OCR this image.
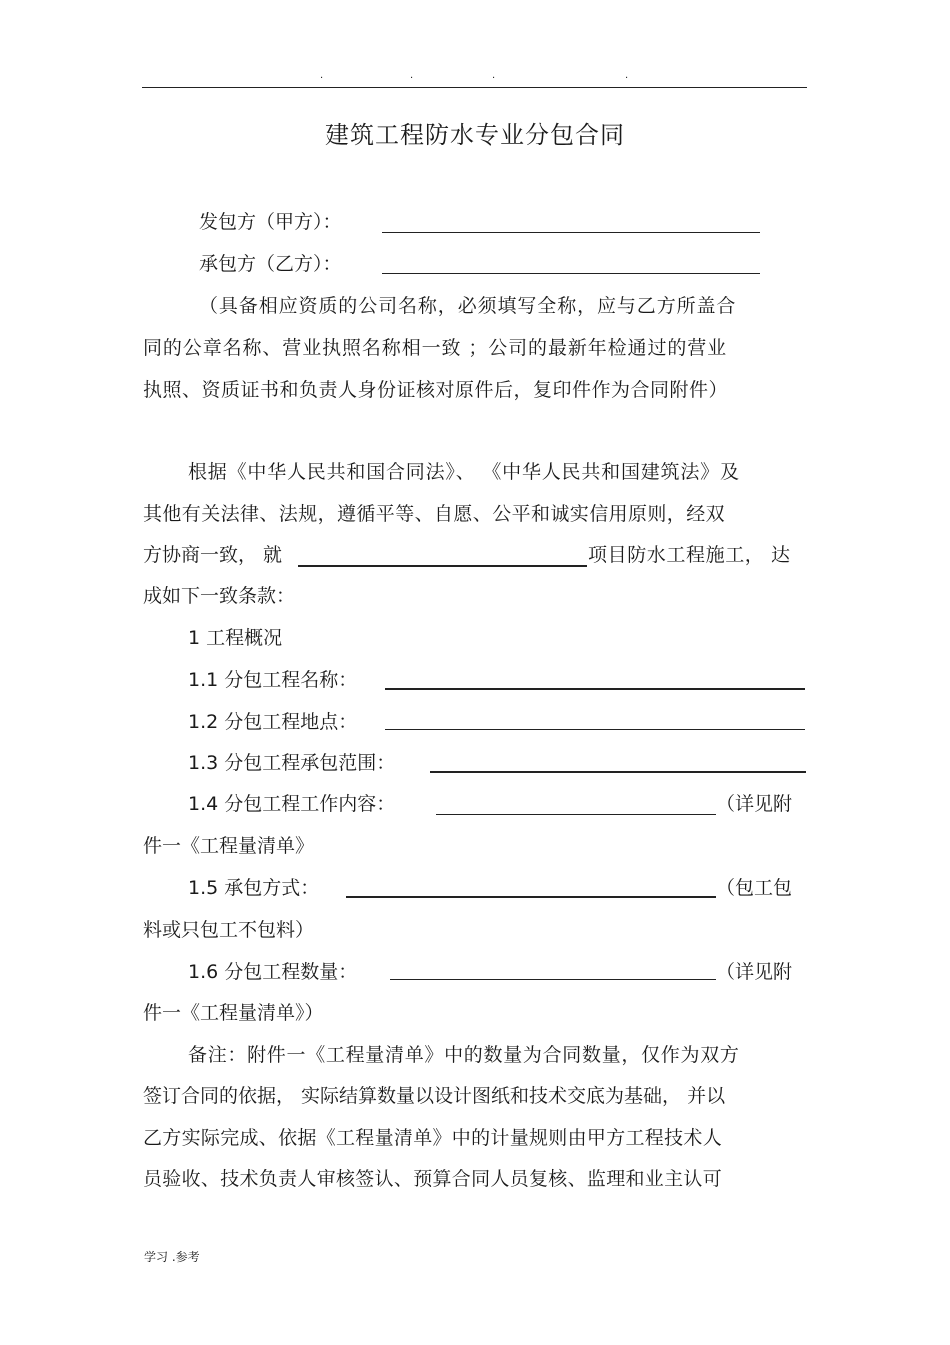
.	.	.	.
建筑工程防水专业分包合同
发包方（甲方）：
承包方（乙方）：
（具备相应资质的公司名称，必须填写全称，应与乙方所盖合
同的公章名称、营业执照名称相一致 ；公司的最新年检通过的营业
执照、资质证书和负责人身份证核对原件后，复印件作为合同附件）
根据《中华人民共和国合同法》、 《中华人民共和国建筑法》及
其他有关法律、法规，遵循平等、自愿、公平和诚实信用原则，经双
方协商一致， 就	项目防水工程施工， 达
成如下一致条款：
1 工程概况
1.1 分包工程名称：
1.2 分包工程地点：
1.3 分包工程承包范围：
1.4 分包工程工作内容：	（详见附
件一《工程量清单》
1.5 承包方式：	（包工包
料或只包工不包料）
1.6 分包工程数量：	（详见附
件一《工程量清单》）
备注：附件一《工程量清单》中的数量为合同数量，仅作为双方
签订合同的依据， 实际结算数量以设计图纸和技术交底为基础， 并以
乙方实际完成、依据《工程量清单》中的计量规则由甲方工程技术人
员验收、技术负责人审核签认、预算合同人员复核、监理和业主认可
学习 .参考
